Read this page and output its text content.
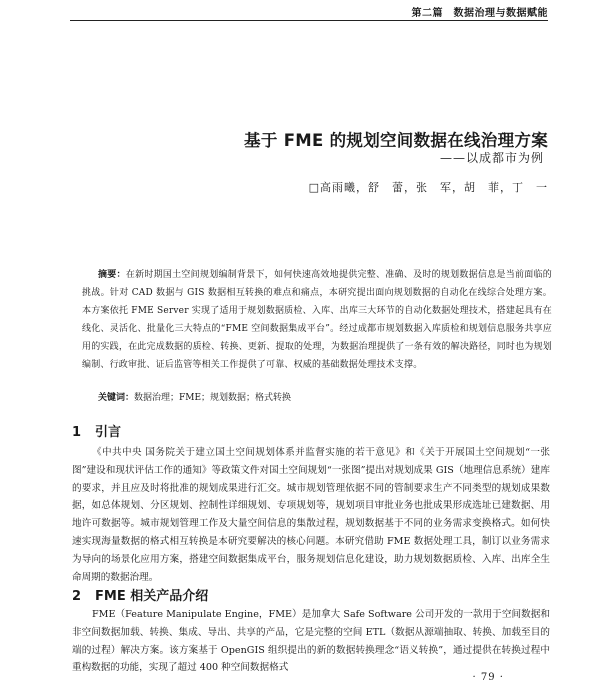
第二篇　数据治理与数据赋能
基于 FME 的规划空间数据在线治理方案
——以成都市为例
□高雨曦，舒　蕾，张　军，胡　菲，丁　一

摘要：在新时期国土空间规划编制背景下，如何快速高效地提供完整、准确、及时的规划数据信息是当前面临的挑战。针对 CAD 数据与 GIS 数据相互转换的难点和痛点，本研究提出面向规划数据的自动化在线综合处理方案。本方案依托 FME Server 实现了适用于规划数据质检、入库、出库三大环节的自动化数据处理技术，搭建起具有在线化、灵活化、批量化三大特点的“FME 空间数据集成平台”。经过成都市规划数据入库质检和规划信息服务共享应用的实践，在此完成数据的质检、转换、更新、提取的处理，为数据治理提供了一条有效的解决路径，同时也为规划编制、行政审批、证后监管等相关工作提供了可靠、权威的基础数据处理技术支撑。

关键词：数据治理；FME；规划数据；格式转换

1 引言

《中共中央 国务院关于建立国土空间规划体系并监督实施的若干意见》和《关于开展国土空间规划“一张图”建设和现状评估工作的通知》等政策文件对国土空间规划“一张图”提出对规划成果 GIS（地理信息系统）建库的要求，并且应及时将批准的规划成果进行汇交。城市规划管理依据不同的管制要求生产不同类型的规划成果数据，如总体规划、分区规划、控制性详细规划、专项规划等，规划项目审批业务也批成果形成选址已建数据、用地许可数据等。城市规划管理工作及大量空间信息的集散过程，规划数据基于不同的业务需求变换格式。如何快速实现海量数据的格式相互转换是本研究要解决的核心问题。本研究借助 FME 数据处理工具，制订以业务需求为导向的场景化应用方案，搭建空间数据集成平台，服务规划信息化建设，助力规划数据质检、入库、出库全生命周期的数据治理。

2 FME 相关产品介绍

FME（Feature Manipulate Engine，FME）是加拿大 Safe Software 公司开发的一款用于空间数据和非空间数据加载、转换、集成、导出、共享的产品，它是完整的空间 ETL（数据从源端抽取、转换、加载至目的端的过程）解决方案。该方案基于 OpenGIS 组织提出的新的数据转换理念“语义转换”，通过提供在转换过程中重构数据的功能，实现了超过 400 种空间数据格式

· 79 ·
